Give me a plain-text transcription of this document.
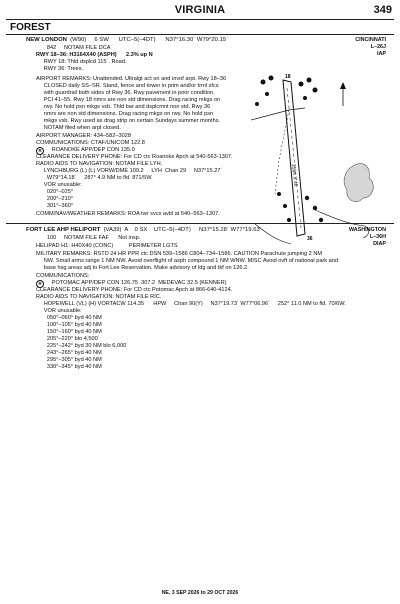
VIRGINIA	349
FOREST
NEW LONDON  (W90)     6 SW      UTC–5(–4DT)      N37°16.30´ W79°20.15´	CINCINNATI
L–26J
IAP
842     NOTAM FILE DCA
RWY 18–36: H3164X40 (ASPH)      2.3% up N
RWY 18: Thld dsplcd 115´. Road.
RWY 36: Trees.
AIRPORT REMARKS: Unattended. Ultralgt act on and invof arpt. Rwy 18–36
CLOSED daily SS–SR. Stand, fence and tower in prim and/or trml sfcs
with guardrail both sides of Rwy 36. Rwy pavement in poor condition.
PCI 41–55. Rwy 18 nmrs are non std dimensions. Drag racing mkgs on
rwy. No hold psn mkgs vsb. Thld bar and dsplcmnt non std. Rwy 36
nmrs are non std dimensions. Drag racing mkgs on rwy. No hold psn
mkgs vsb. Rwy used as drag strip on certain Sundays summer months.
NOTAM filed when arpt closed.
AIRPORT MANAGER: 434–582–3028
COMMUNICATIONS: CTAF/UNICOM 122.8
R     ROANOKE APP/DEP CON 135.0
CLEARANCE DELIVERY PHONE: For CD ctc Roanoke Apch at 540-563-1307.
RADIO AIDS TO NAVIGATION: NOTAM FILE LYH.
LYNCHBURG (L) (L) VORW/DME 109.2     LYH  Chan 29     N37°15.27´
W79°14.18´     287° 4.9 NM to fld. 871/5W.
VOR unusable:
020°–025°
200°–210°
301°–360°
COMM/NAV/WEATHER REMARKS: ROA twr svcs avbl at 540–563–1307.
3164 X 40
18
36
FORT LEE AHP HELIPORT  (VA39)  A    0 SX    UTC–5(–4DT)     N37°15.28´ W77°19.63´	WASHINGTON
L–36H
DIAP
100     NOTAM FILE FAF      Not insp.
HELIPAD H1: H40X40 (CONC)          PERIMETER LGTS
MILITARY REMARKS: RSTD 24 HR PPR ctc DSN 539–1586 C804–734–1586. CAUTION Parachute jumping 2 NM
NW. Small arms range 1 NM NW. Avoid overflight of asph compound 1 NM WNW. MISC Avoid ovft of national park and
base hsg areas adj to Fort Lee Reservation. Make advisory of ldg and tkf on 126.2.
COMMUNICATIONS:
R     POTOMAC APP/DEP CON 126.75  307.2  MEDEVAC 32.5 (KENNER)
CLEARANCE DELIVERY PHONE: For CD ctc Potomac Apch at 866-640-4124.
RADIO AIDS TO NAVIGATION: NOTAM FILE RIC.
HOPEWELL (VL) (H) VORTACW 114.35      HPW     Chan 90(Y)     N37°19.73´ W77°06.96´     252° 11.0 NM to fld. 70/6W.
VOR unusable:
050°–060° byd 40 NM
100°–105° byd 40 NM
150°–160° byd 40 NM
205°–220° blo 4,500´
225°–242° byd 30 NM blo 6,000´
243°–265° byd 40 NM
295°–305° byd 40 NM
330°–345° byd 40 NM
NE, 3 SEP 2026 to 29 OCT 2026
